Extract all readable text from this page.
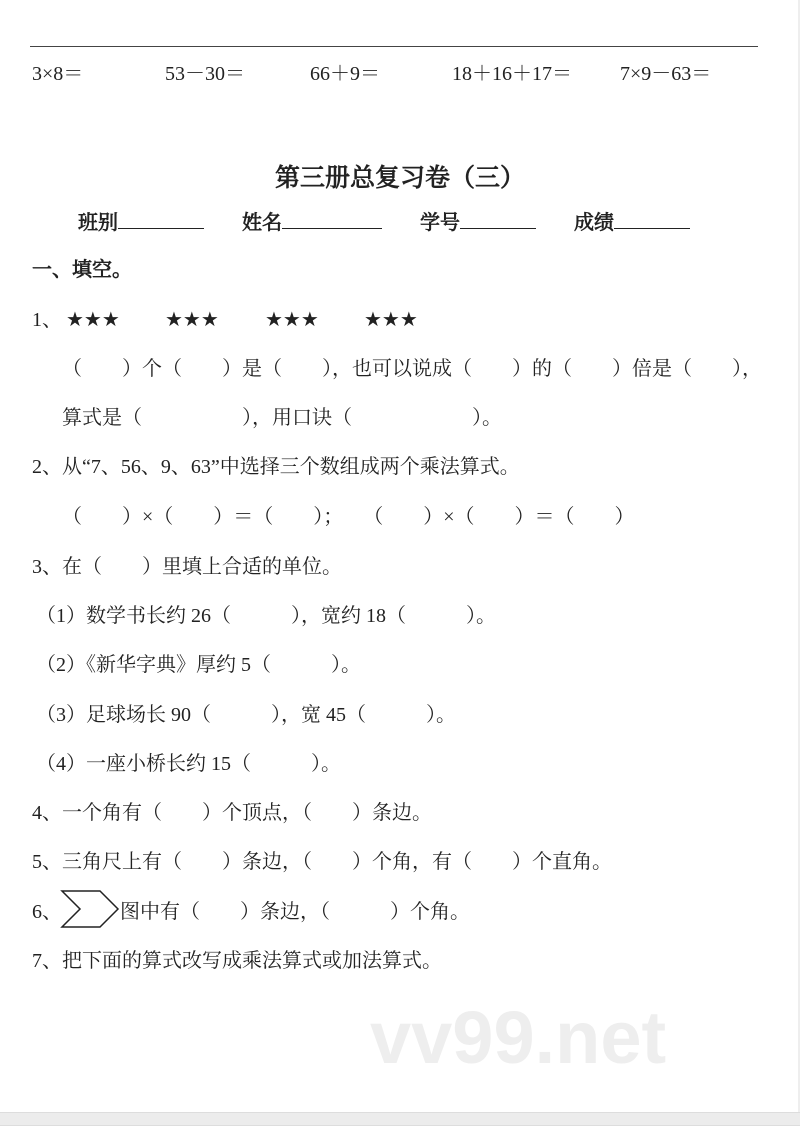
3×8＝	53－30＝	66＋9＝	18＋16＋17＝ 7×9－63＝
第三册总复习卷（三）
班别	姓名	学号	成绩
一、填空。
1、 ★★★ ★★★ ★★★ ★★★
（　　）个（　　）是（　　），也可以说成（　　）的（　　）倍是（　　），
算式是（　　　　　），用口诀（　　　　　　）。
2、从“7、56、9、63”中选择三个数组成两个乘法算式。
（　　）×（　　）＝（　　）；　　（　　）×（　　）＝（　　）
3、在（　　）里填上合适的单位。
（1）数学书长约 26（　　　），宽约 18（　　　）。
（2）《新华字典》厚约 5（　　　）。
（3）足球场长 90（　　　），宽 45（　　　）。
（4）一座小桥长约 15（　　　）。
4、一个角有（　　）个顶点，（　　）条边。
5、三角尺上有（　　）条边，（　　）个角，有（　　）个直角。
6、	图中有（　　）条边，（　　　）个角。
7、把下面的算式改写成乘法算式或加法算式。
vv99.net
